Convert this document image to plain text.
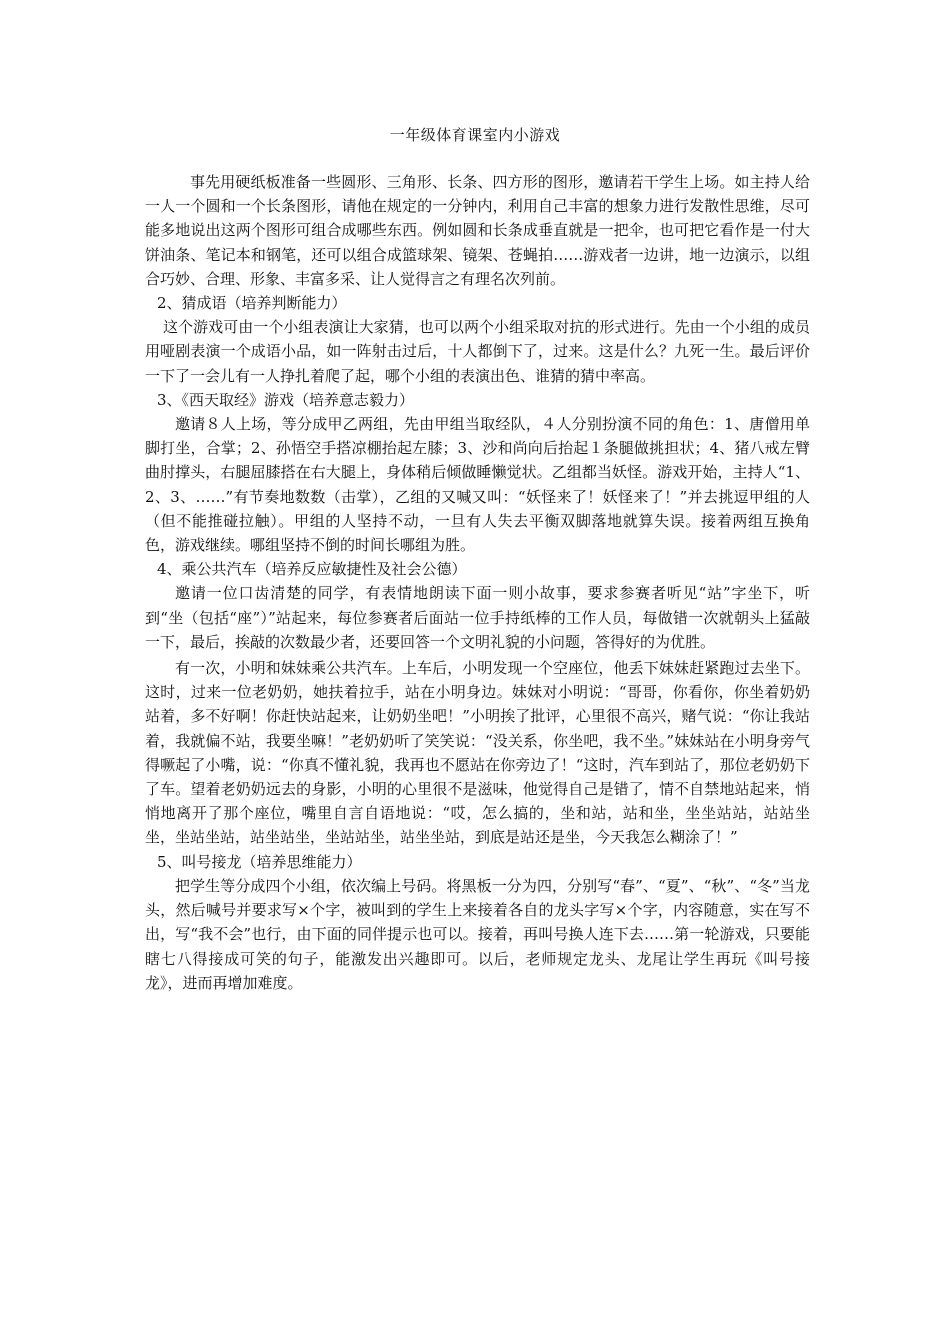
一年级体育课室内小游戏

事先用硬纸板准备一些圆形、三角形、长条、四方形的图形，邀请若干学生上场。如主持人给一人一个圆和一个长条图形，请他在规定的一分钟内，利用自己丰富的想象力进行发散性思维，尽可能多地说出这两个图形可组合成哪些东西。例如圆和长条成垂直就是一把伞，也可把它看作是一付大饼油条、笔记本和钢笔，还可以组合成篮球架、镜架、苍蝇拍……游戏者一边讲，地一边演示，以组合巧妙、合理、形象、丰富多采、让人觉得言之有理名次列前。

2、猜成语（培养判断能力）

这个游戏可由一个小组表演让大家猜，也可以两个小组采取对抗的形式进行。先由一个小组的成员用哑剧表演一个成语小品，如一阵射击过后，十人都倒下了，过来。这是什么？九死一生。最后评价一下了一会儿有一人挣扎着爬了起，哪个小组的表演出色、谁猜的猜中率高。

3、《西天取经》游戏（培养意志毅力）

邀请８人上场，等分成甲乙两组，先由甲组当取经队，４人分别扮演不同的角色：1、唐僧用单脚打坐，合掌；2、孙悟空手搭凉棚抬起左膝；3、沙和尚向后抬起１条腿做挑担状；4、猪八戒左臂曲肘撑头，右腿屈膝搭在右大腿上，身体稍后倾做睡懒觉状。乙组都当妖怪。游戏开始，主持人“1、2、3、……”有节奏地数数（击掌），乙组的又喊又叫：“妖怪来了！妖怪来了！”并去挑逗甲组的人（但不能推碰拉触）。甲组的人坚持不动，一旦有人失去平衡双脚落地就算失误。接着两组互换角色，游戏继续。哪组坚持不倒的时间长哪组为胜。

4、乘公共汽车（培养反应敏捷性及社会公德）

邀请一位口齿清楚的同学，有表情地朗读下面一则小故事，要求参赛者听见“站”字坐下，听到“坐（包括“座”）”站起来，每位参赛者后面站一位手持纸棒的工作人员，每做错一次就朝头上猛敲一下，最后，挨敲的次数最少者，还要回答一个文明礼貌的小问题，答得好的为优胜。

有一次，小明和妹妹乘公共汽车。上车后，小明发现一个空座位，他丢下妹妹赶紧跑过去坐下。这时，过来一位老奶奶，她扶着拉手，站在小明身边。妹妹对小明说：“哥哥，你看你，你坐着奶奶站着，多不好啊！你赶快站起来，让奶奶坐吧！”小明挨了批评，心里很不高兴，赌气说：“你让我站着，我就偏不站，我要坐嘛！”老奶奶听了笑笑说：“没关系，你坐吧，我不坐。”妹妹站在小明身旁气得噘起了小嘴，说：“你真不懂礼貌，我再也不愿站在你旁边了！“这时，汽车到站了，那位老奶奶下了车。望着老奶奶远去的身影，小明的心里很不是滋味，他觉得自己是错了，情不自禁地站起来，悄悄地离开了那个座位，嘴里自言自语地说：“哎，怎么搞的，坐和站，站和坐，坐坐站站，站站坐坐，坐站坐站，站坐站坐，坐站站坐，站坐坐站，到底是站还是坐，今天我怎么糊涂了！”

5、叫号接龙（培养思维能力）

把学生等分成四个小组，依次编上号码。将黑板一分为四，分别写“春”、“夏”、“秋”、“冬”当龙头，然后喊号并要求写×个字，被叫到的学生上来接着各自的龙头字写×个字，内容随意，实在写不出，写“我不会”也行，由下面的同伴提示也可以。接着，再叫号换人连下去……第一轮游戏，只要能瞎七八得接成可笑的句子，能激发出兴趣即可。以后，老师规定龙头、龙尾让学生再玩《叫号接龙》，进而再增加难度。
